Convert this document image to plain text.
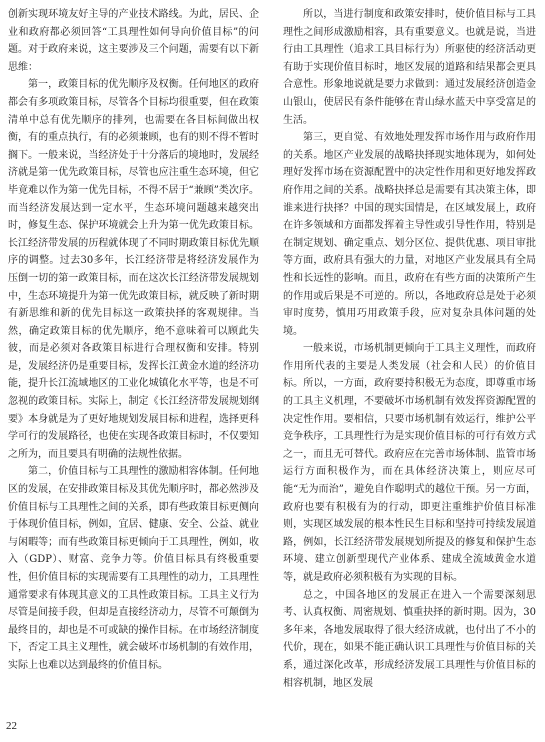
创新实现环境友好主导的产业技术路线。为此，居民、企业和政府都必须回答“工具理性如何导向价值目标”的问题。对于政府来说，这主要涉及三个问题，需要有以下新思维：

第一，政策目标的优先顺序及权衡。任何地区的政府都会有多项政策目标，尽管各个目标均很重要，但在政策清单中总有优先顺序的排列，也需要在各目标间做出权衡，有的重点执行，有的必须兼顾，也有的则不得不暂时搁下。一般来说，当经济处于十分落后的境地时，发展经济就是第一优先政策目标，尽管也应注重生态环境，但它毕竟难以作为第一优先目标，不得不居于“兼顾”类次序。而当经济发展达到一定水平，生态环境问题越来越突出时，修复生态、保护环境就会上升为第一优先政策目标。长江经济带发展的历程就体现了不同时期政策目标优先顺序的调整。过去30多年，长江经济带是将经济发展作为压倒一切的第一政策目标，而在这次长江经济带发展规划中，生态环境提升为第一优先政策目标，就反映了新时期有新思维和新的优先目标这一政策抉择的客观规律。当然，确定政策目标的优先顺序，绝不意味着可以顾此失彼，而是必须对各政策目标进行合理权衡和安排。特别是，发展经济仍是重要目标，发挥长江黄金水道的经济功能，提升长江流域地区的工业化城镇化水平等，也是不可忽视的政策目标。实际上，制定《长江经济带发展规划纲要》本身就是为了更好地规划发展目标和进程，选择更科学可行的发展路径，也使在实现各政策目标时，不仅要知之所为，而且要具有明确的法规性依据。

第二，价值目标与工具理性的激励相容体制。任何地区的发展，在安排政策目标及其优先顺序时，都必然涉及价值目标与工具理性之间的关系，即有些政策目标更侧向于体现价值目标，例如，宜居、健康、安全、公益、就业与闲暇等；而有些政策目标更倾向于工具理性，例如，收入（GDP）、财富、竞争力等。价值目标具有终极重要性，但价值目标的实现需要有工具理性的动力，工具理性通常要求有体现其意义的工具性政策目标。工具主义行为尽管是间接手段，但却是直接经济动力，尽管不可颠倒为最终目的，却也是不可或缺的操作目标。在市场经济制度下，否定工具主义理性，就会破坏市场机制的有效作用，实际上也难以达到最终的价值目标。

所以，当进行制度和政策安排时，使价值目标与工具理性之间形成激励相容，具有重要意义。也就是说，当进行由工具理性（追求工具目标行为）所驱使的经济活动更有助于实现价值目标时，地区发展的道路和结果都会更具合意性。形象地说就是要力求做到：通过发展经济创造金山银山，使居民有条件能够在青山绿水蓝天中享受富足的生活。

第三，更自觉、有效地处理发挥市场作用与政府作用的关系。地区产业发展的战略抉择现实地体现为，如何处理好发挥市场在资源配置中的决定性作用和更好地发挥政府作用之间的关系。战略抉择总是需要有其决策主体，即谁来进行抉择？中国的现实国情是，在区域发展上，政府在许多领域和方面都发挥着主导性或引导性作用，特别是在制定规划、确定重点、划分区位、提供优惠、项目审批等方面，政府具有强大的力量，对地区产业发展具有全局性和长远性的影响。而且，政府在有些方面的决策所产生的作用或后果是不可逆的。所以，各地政府总是处于必须审时度势，慎用巧用政策手段，应对复杂具体问题的处境。

一般来说，市场机制更倾向于工具主义理性，而政府作用所代表的主要是人类发展（社会和人民）的价值目标。所以，一方面，政府要持积极无为态度，即尊重市场的工具主义机理，不要破坏市场机制有效发挥资源配置的决定性作用。要相信，只要市场机制有效运行，维护公平竞争秩序，工具理性行为是实现价值目标的可行有效方式之一，而且无可替代。政府应在完善市场体制、监管市场运行方面积极作为，而在具体经济决策上，则应尽可能“无为而治”，避免自作聪明式的越位干预。另一方面，政府也要有积极有为的行动，即更注重维护价值目标准则，实现区域发展的根本性民生目标和坚持可持续发展道路，例如，长江经济带发展规划所提及的修复和保护生态环境、建立创新型现代产业体系、建成全流域黄金水道等，就是政府必须积极有为实现的目标。

总之，中国各地区的发展正在进入一个需要深刻思考、认真权衡、周密规划、慎重抉择的新时期。因为，30多年来，各地发展取得了很大经济成就，也付出了不小的代价，现在，如果不能正确认识工具理性与价值目标的关系，通过深化改革，形成经济发展工具理性与价值目标的相容机制，地区发展

22
